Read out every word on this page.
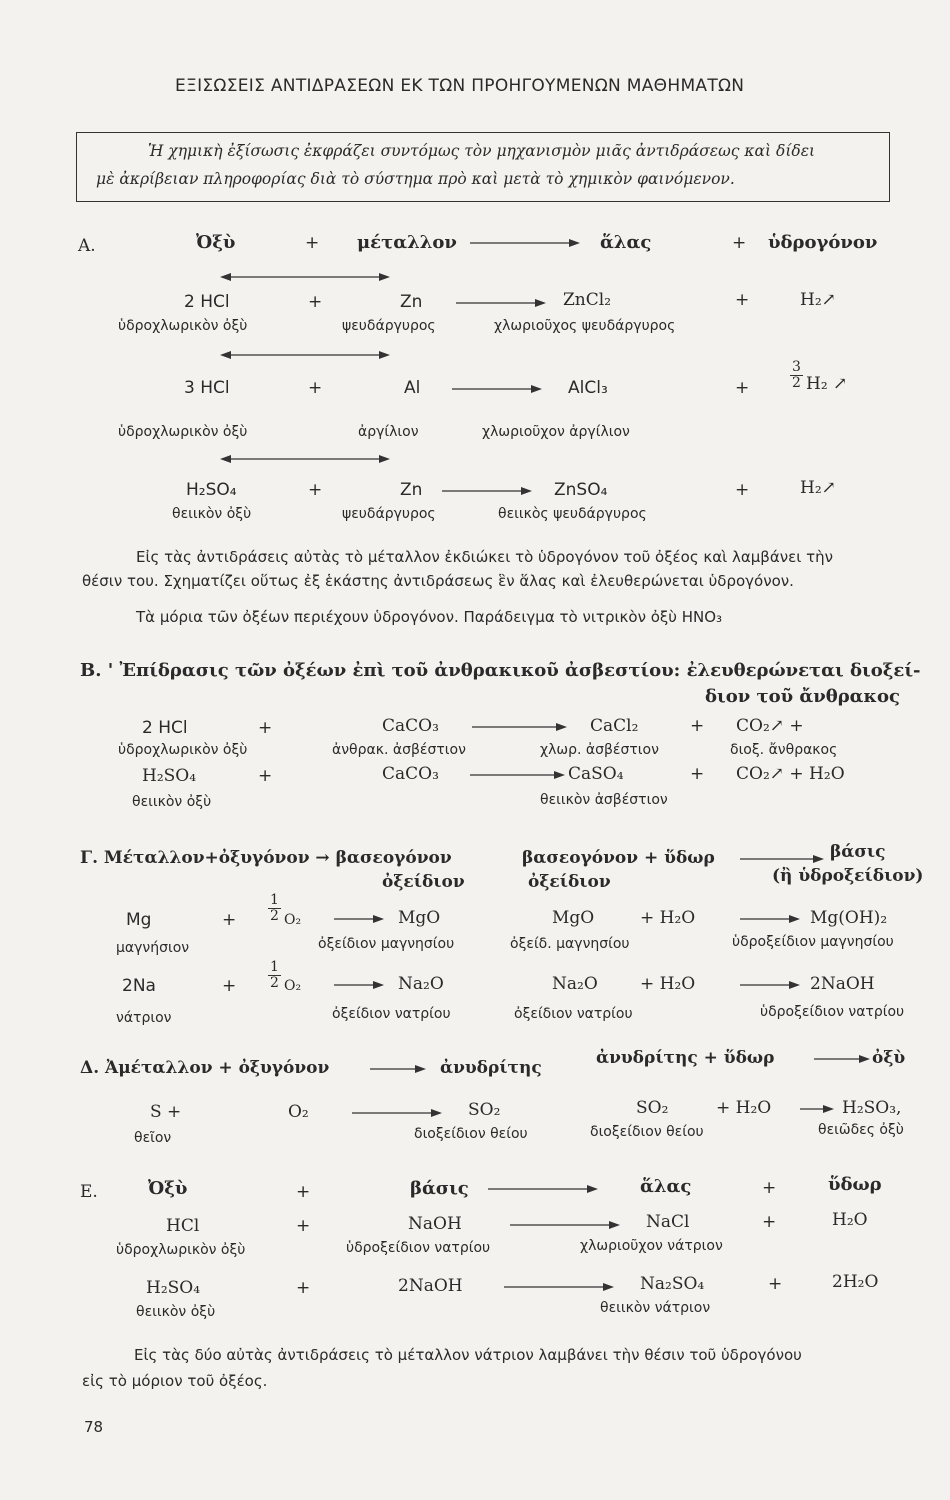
ΕΞΙΣΩΣΕΙΣ ΑΝΤΙΔΡΑΣΕΩΝ ΕΚ ΤΩΝ ΠΡΟΗΓΟΥΜΕΝΩΝ ΜΑΘΗΜΑΤΩΝ
Ἡ χημικὴ ἐξίσωσις ἐκφράζει συντόμως τὸν μηχανισμὸν μιᾶς ἀντιδράσεως καὶ δίδει
μὲ ἀκρίβειαν πληροφορίας διὰ τὸ σύστημα πρὸ καὶ μετὰ τὸ χημικὸν φαινόμενον.
Α.	Ὀξὺ	+ μέταλλον	ἅλας	+ ὑδρογόνον
2 HCl	+	Zn	ZnCl₂	+	H₂↗
ὑδροχλωρικὸν ὀξὺ	ψευδάργυρος	χλωριοῦχος ψευδάργυρος
3 HCl	+	Al	AlCl₃	+	$\frac{3}{2} H_2$ ↗
ὑδροχλωρικὸν ὀξὺ	ἀργίλιον	χλωριοῦχον ἀργίλιον
H₂SO₄	+	Zn	ZnSO₄	+	H₂↗
θειικὸν ὀξὺ	ψευδάργυρος	θειικὸς ψευδάργυρος
Εἰς τὰς ἀντιδράσεις αὐτὰς τὸ μέταλλον ἐκδιώκει τὸ ὑδρογόνον τοῦ ὀξέος καὶ λαμβάνει τὴν
θέσιν του. Σχηματίζει οὕτως ἐξ ἑκάστης ἀντιδράσεως ἓν ἅλας καὶ ἐλευθερώνεται ὑδρογόνον.
Τὰ μόρια τῶν ὀξέων περιέχουν ὑδρογόνον. Παράδειγμα τὸ νιτρικὸν ὀξὺ HNO₃
Β. ' Ἐπίδρασις τῶν ὀξέων ἐπὶ τοῦ ἀνθρακικοῦ ἀσβεστίου: ἐλευθερώνεται διοξεί-
διον τοῦ ἄνθρακος
2 HCl	+	CaCO₃	CaCl₂	+ CO₂↗ +
ὑδροχλωρικὸν ὀξὺ	ἀνθρακ. ἀσβέστιον	χλωρ. ἀσβέστιον	διοξ. ἄνθρακος
H₂SO₄	+	CaCO₃	CaSO₄	+ CO₂↗ + H₂O
θειικὸν ὀξὺ	θειικὸν ἀσβέστιον
Γ. Μέταλλον+ὀξυγόνον → βασεογόνον
ὀξείδιον
βασεογόνον + ὕδωρ
ὀξείδιον
βάσις
(ἢ ὑδροξείδιον)
Mg	+ $\frac{1}{2} O_2$ → MgO	MgO	+ H₂O	→ Mg(OH)₂
μαγνήσιον	ὀξείδιον μαγνησίου	ὀξείδ. μαγνησίου	ὑδροξείδιον μαγνησίου
2Na	+ $\frac{1}{2} O_2 \to Na_2O$	Na₂O + H₂O	→ 2NaOH
νάτριον	ὀξείδιον νατρίου	ὀξείδιον νατρίου	ὑδροξείδιον νατρίου
Δ. Ἀμέταλλον + ὀξυγόνον	→ ἀνυδρίτης	ἀνυδρίτης + ὕδωρ → ὀξὺ
S +	O₂	SO₂	SO₂	+ H₂O → H₂SO₃,
θεῖον	διοξείδιον θείου	διοξείδιον θείου	θειῶδες ὀξὺ
Ε.	Ὀξὺ	+	βάσις	ἅλας	+	ὕδωρ
HCl	+	NaOH	NaCl	+	H₂O
ὑδροχλωρικὸν ὀξὺ	ὑδροξείδιον νατρίου	χλωριοῦχον νάτριον
H₂SO₄	+	2NaOH	Na₂SO₄	+	2H₂O
θειικὸν ὀξὺ	θειικὸν νάτριον
Εἰς τὰς δύο αὐτὰς ἀντιδράσεις τὸ μέταλλον νάτριον λαμβάνει τὴν θέσιν τοῦ ὑδρογόνου
εἰς τὸ μόριον τοῦ ὀξέος.
78
